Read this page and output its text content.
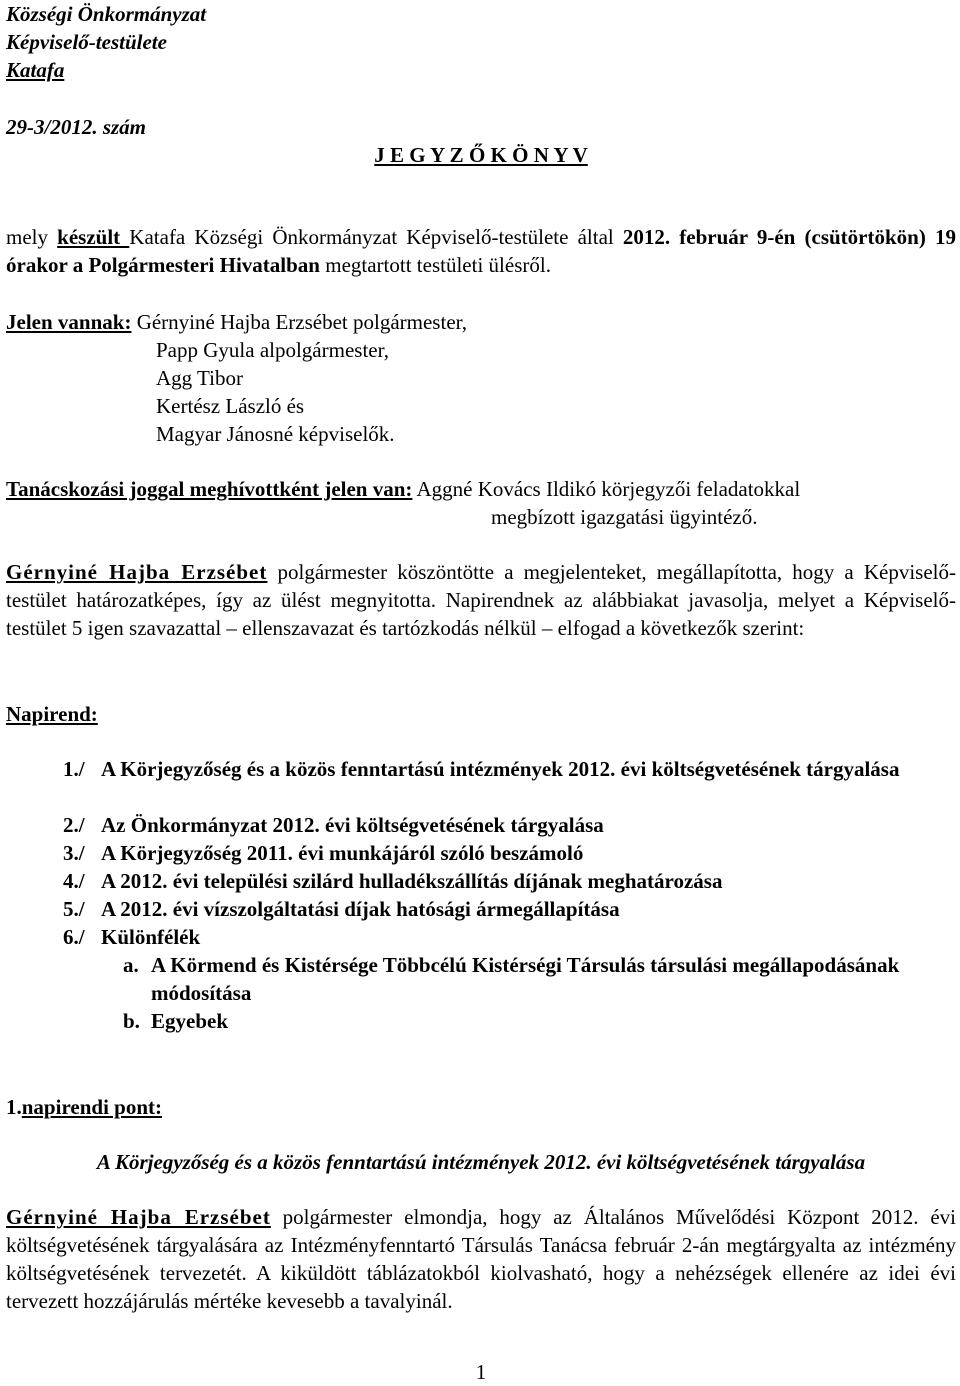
Községi Önkormányzat
Képviselő-testülete
Katafa
29-3/2012. szám
J E G Y Z Ő K Ö N Y V
mely készült Katafa Községi Önkormányzat Képviselő-testülete által 2012. február 9-én (csütörtökön) 19 órakor a Polgármesteri Hivatalban megtartott testületi ülésről.
Jelen vannak: Gérnyiné Hajba Erzsébet polgármester,
Papp Gyula alpolgármester,
Agg Tibor
Kertész László és
Magyar Jánosné képviselők.
Tanácskozási joggal meghívottként jelen van: Aggné Kovács Ildikó körjegyzői feladatokkal
megbízott igazgatási ügyintéző.
Gérnyiné Hajba Erzsébet polgármester köszöntötte a megjelenteket, megállapította, hogy a Képviselő-testület határozatképes, így az ülést megnyitotta. Napirendnek az alábbiakat javasolja, melyet a Képviselő-testület 5 igen szavazattal – ellenszavazat és tartózkodás nélkül – elfogad a következők szerint:
Napirend:
1./ A Körjegyzőség és a közös fenntartású intézmények 2012. évi költségvetésének tárgyalása
2./ Az Önkormányzat 2012. évi költségvetésének tárgyalása
3./ A Körjegyzőség 2011. évi munkájáról szóló beszámoló
4./ A 2012. évi települési szilárd hulladékszállítás díjának meghatározása
5./ A 2012. évi vízszolgáltatási díjak hatósági ármegállapítása
6./ Különfélék
a. A Körmend és Kistérsége Többcélú Kistérségi Társulás társulási megállapodásának módosítása
b. Egyebek
1.napirendi pont:
A Körjegyzőség és a közös fenntartású intézmények 2012. évi költségvetésének tárgyalása
Gérnyiné Hajba Erzsébet polgármester elmondja, hogy az Általános Művelődési Központ 2012. évi költségvetésének tárgyalására az Intézményfenntartó Társulás Tanácsa február 2-án megtárgyalta az intézmény költségvetésének tervezetét. A kiküldött táblázatokból kiolvasható, hogy a nehézségek ellenére az idei évi tervezett hozzájárulás mértéke kevesebb a tavalyinál.
1
